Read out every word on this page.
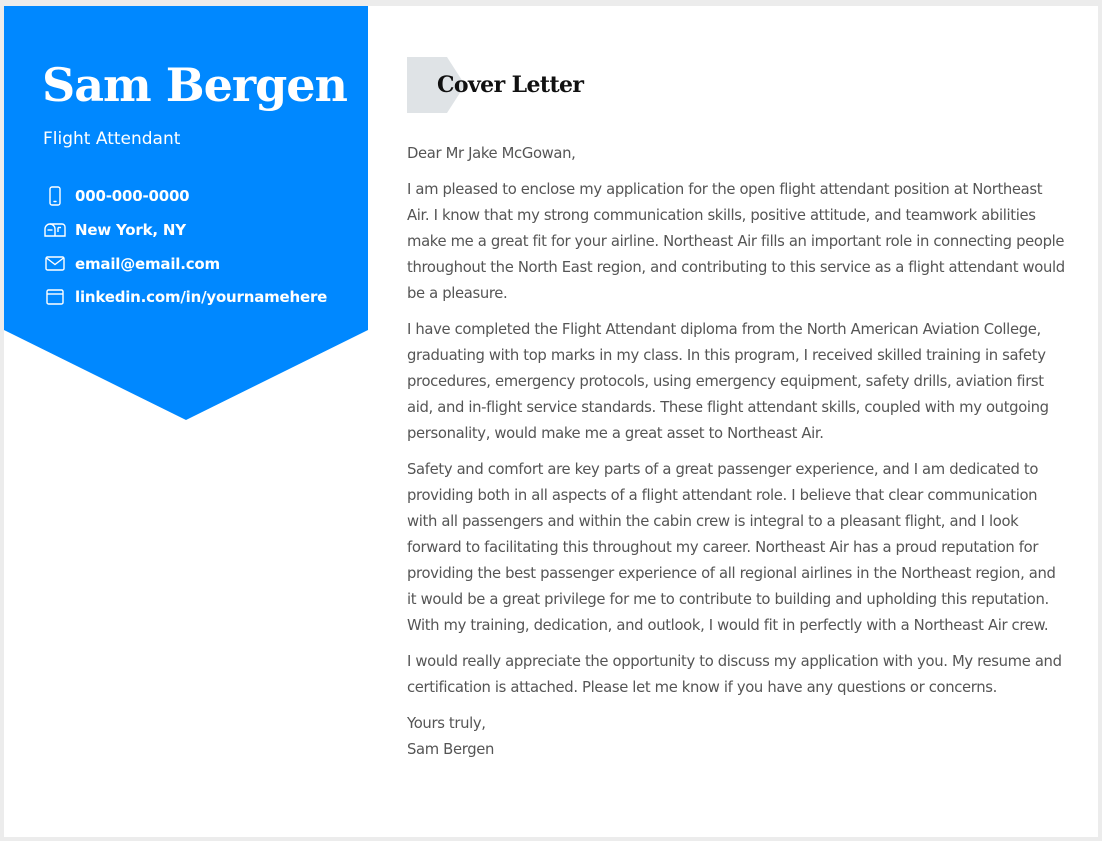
Sam Bergen
Flight Attendant
000-000-0000
New York, NY
email@email.com
linkedin.com/in/yournamehere
Cover Letter

Dear Mr Jake McGowan,

I am pleased to enclose my application for the open flight attendant position at Northeast Air. I know that my strong communication skills, positive attitude, and teamwork abilities make me a great fit for your airline. Northeast Air fills an important role in connecting people throughout the North East region, and contributing to this service as a flight attendant would be a pleasure.

I have completed the Flight Attendant diploma from the North American Aviation College, graduating with top marks in my class. In this program, I received skilled training in safety procedures, emergency protocols, using emergency equipment, safety drills, aviation first aid, and in-flight service standards. These flight attendant skills, coupled with my outgoing personality, would make me a great asset to Northeast Air.

Safety and comfort are key parts of a great passenger experience, and I am dedicated to providing both in all aspects of a flight attendant role. I believe that clear communication with all passengers and within the cabin crew is integral to a pleasant flight, and I look forward to facilitating this throughout my career. Northeast Air has a proud reputation for providing the best passenger experience of all regional airlines in the Northeast region, and it would be a great privilege for me to contribute to building and upholding this reputation. With my training, dedication, and outlook, I would fit in perfectly with a Northeast Air crew.

I would really appreciate the opportunity to discuss my application with you. My resume and certification is attached. Please let me know if you have any questions or concerns.

Yours truly,

Sam Bergen
